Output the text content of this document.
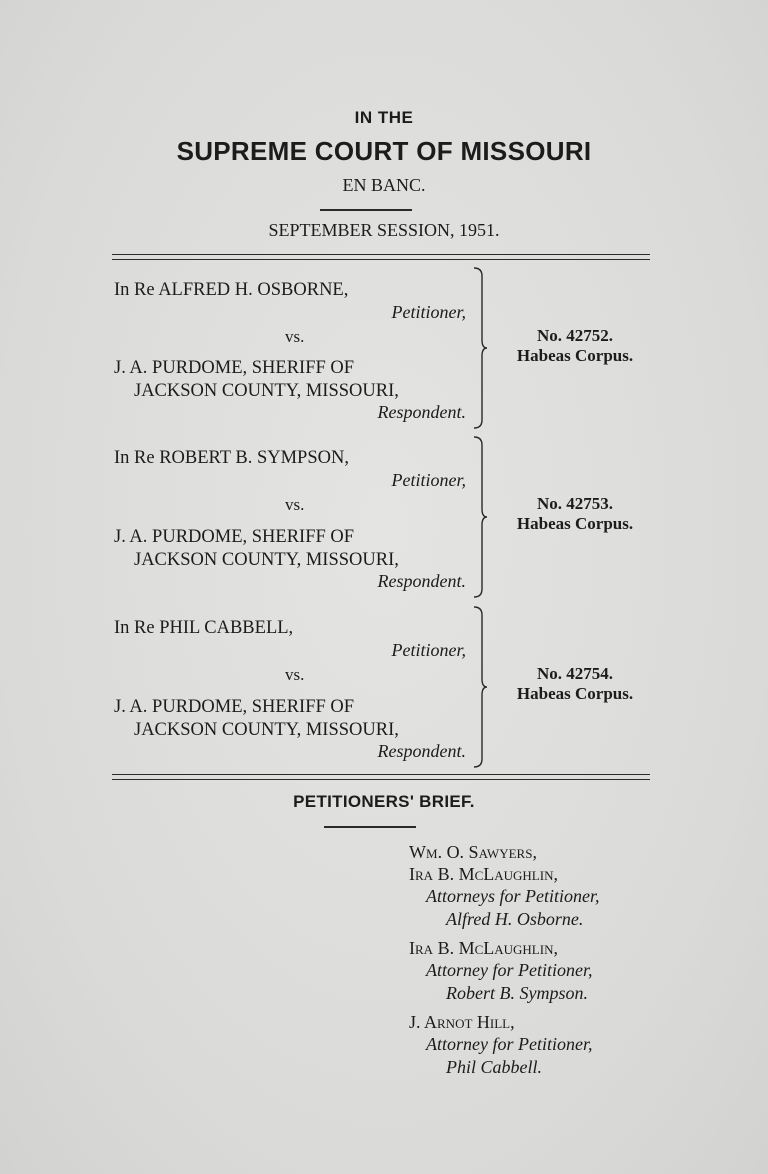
IN THE
SUPREME COURT OF MISSOURI
EN BANC.
SEPTEMBER SESSION, 1951.
In Re ALFRED H. OSBORNE,
Petitioner,
vs.
J. A. PURDOME, SHERIFF OF
JACKSON COUNTY, MISSOURI,
Respondent.
No. 42752.
Habeas Corpus.
In Re ROBERT B. SYMPSON,
Petitioner,
vs.
J. A. PURDOME, SHERIFF OF
JACKSON COUNTY, MISSOURI,
Respondent.
No. 42753.
Habeas Corpus.
In Re PHIL CABBELL,
Petitioner,
vs.
J. A. PURDOME, SHERIFF OF
JACKSON COUNTY, MISSOURI,
Respondent.
No. 42754.
Habeas Corpus.
PETITIONERS' BRIEF.
WM. O. SAWYERS,
IRA B. MCLAUGHLIN,
Attorneys for Petitioner,
Alfred H. Osborne.
IRA B. MCLAUGHLIN,
Attorney for Petitioner,
Robert B. Sympson.
J. ARNOT HILL,
Attorney for Petitioner,
Phil Cabbell.
